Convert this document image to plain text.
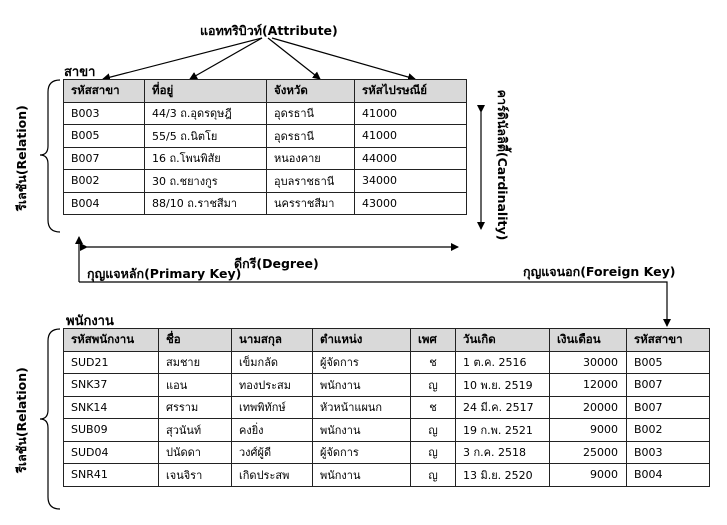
แอททริบิวท์(Attribute)
สาขา
รีเลชัน(Relation)
รีเลชัน(Relation)
คาร์ดินัลลิตี้(Cardinality)
ดีกรี(Degree)
กุญแจหลัก(Primary Key)	กุญแจนอก(Foreign Key)
พนักงาน
รหัสสาขา	ที่อยู่	จังหวัด	รหัสไปรษณีย์
B003	44/3 ถ.อุดรดุษฎี	อุดรธานี	41000
B005	55/5 ถ.นิตโย	อุดรธานี	41000
B007	16 ถ.โพนพิสัย	หนองคาย	44000
B002	30 ถ.ชยางกูร	อุบลราชธานี	34000
B004	88/10 ถ.ราชสีมา	นครราชสีมา	43000
รหัสพนักงาน	ชื่อ	นามสกุล	ตำแหน่ง	เพศ	วันเกิด	เงินเดือน	รหัสสาขา
SUD21	สมชาย	เข็มกลัด	ผู้จัดการ	ช	1 ต.ค. 2516	30000	B005
SNK37	แอน	ทองประสม	พนักงาน	ญ	10 พ.ย. 2519	12000	B007
SNK14	ศรราม	เทพพิทักษ์	หัวหน้าแผนก	ช	24 มี.ค. 2517	20000	B007
SUB09	สุวนันท์	คงยิ่ง	พนักงาน	ญ	19 ก.พ. 2521	9000	B002
SUD04	ปนัดดา	วงศ์ผู้ดี	ผู้จัดการ	ญ	3 ก.ค. 2518	25000	B003
SNR41	เจนจิรา	เกิดประสพ	พนักงาน	ญ	13 มิ.ย. 2520	9000	B004
